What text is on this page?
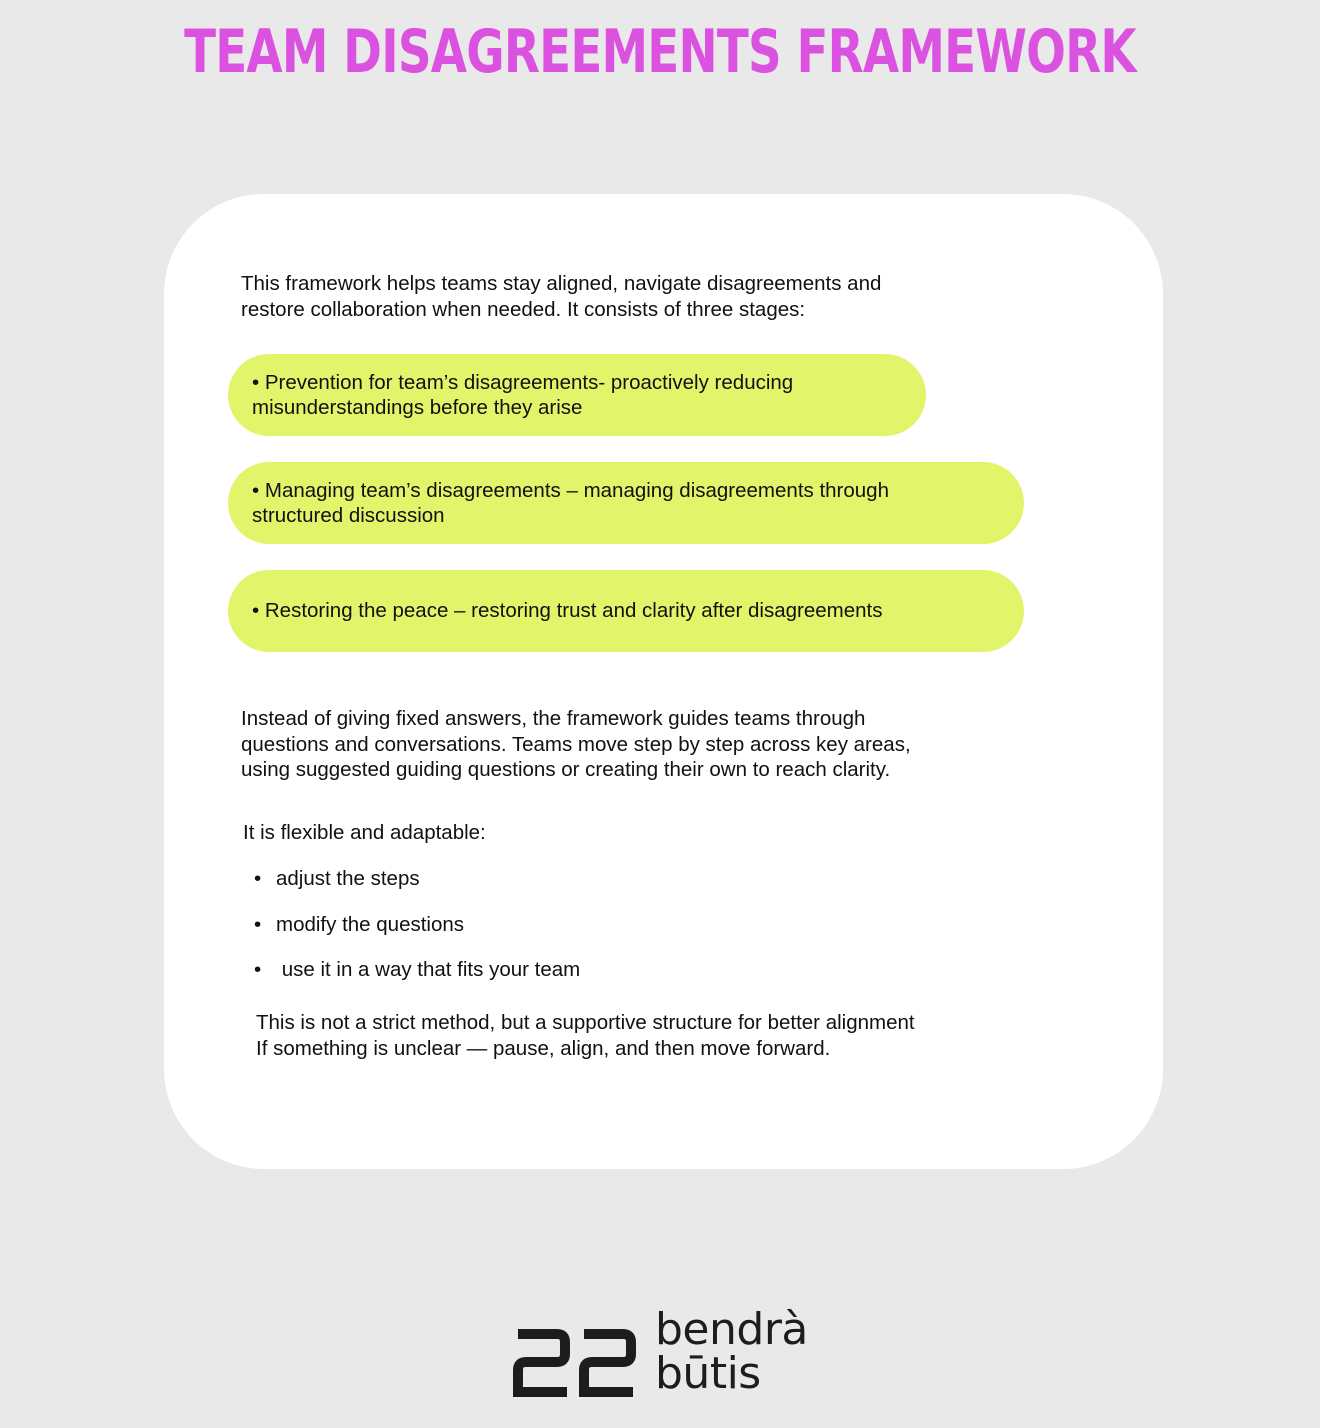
TEAM DISAGREEMENTS FRAMEWORK

This framework helps teams stay aligned, navigate disagreements and
restore collaboration when needed. It consists of three stages:

• Prevention for team’s disagreements- proactively reducing
misunderstandings before they arise
• Managing team’s disagreements – managing disagreements through
structured discussion
• Restoring the peace – restoring trust and clarity after disagreements

Instead of giving fixed answers, the framework guides teams through
questions and conversations. Teams move step by step across key areas,
using suggested guiding questions or creating their own to reach clarity.

It is flexible and adaptable:

• adjust the steps
• modify the questions
• use it in a way that fits your team

This is not a strict method, but a supportive structure for better alignment
If something is unclear — pause, align, and then move forward.

bendrà
būtis
